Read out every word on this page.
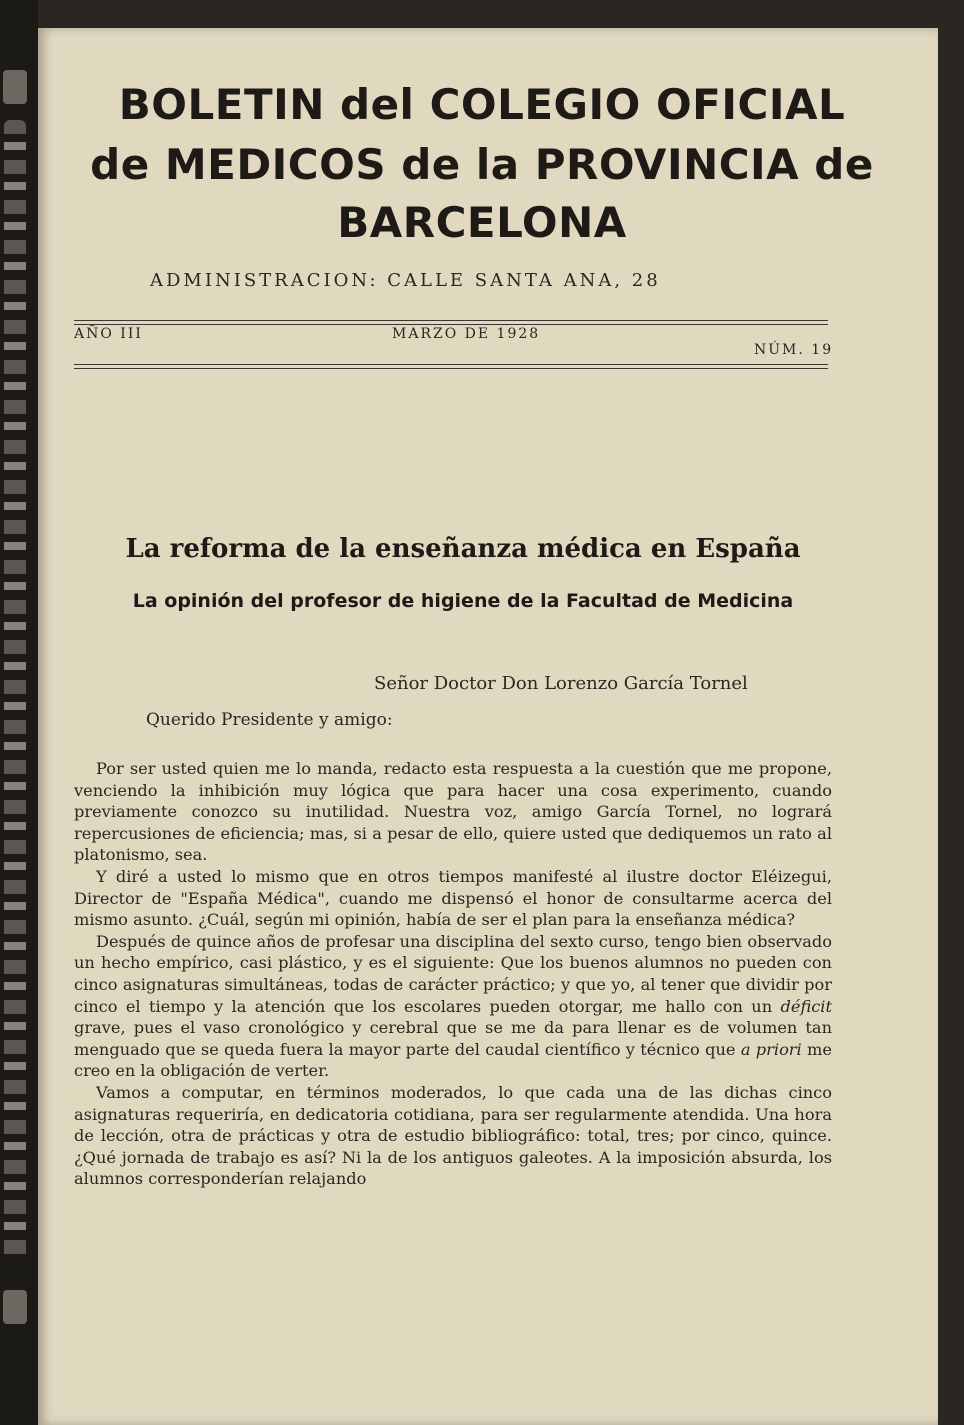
BOLETIN del COLEGIO OFICIAL
de MEDICOS de la PROVINCIA de
BARCELONA
ADMINISTRACION: CALLE SANTA ANA, 28
AÑO III	MARZO DE 1928
NÚM. 19
La reforma de la enseñanza médica en España
La opinión del profesor de higiene de la Facultad de Medicina
Señor Doctor Don Lorenzo García Tornel
Querido Presidente y amigo:

Por ser usted quien me lo manda, redacto esta respuesta a la cuestión que me propone, venciendo la inhibición muy lógica que para hacer una cosa experimento, cuando previamente conozco su inutilidad. Nuestra voz, amigo García Tornel, no logrará repercusiones de eficiencia; mas, si a pesar de ello, quiere usted que dediquemos un rato al platonismo, sea.

Y diré a usted lo mismo que en otros tiempos manifesté al ilustre doctor Eléizegui, Director de "España Médica", cuando me dispensó el honor de consultarme acerca del mismo asunto. ¿Cuál, según mi opinión, había de ser el plan para la enseñanza médica?

Después de quince años de profesar una disciplina del sexto curso, tengo bien observado un hecho empírico, casi plástico, y es el siguiente: Que los buenos alumnos no pueden con cinco asignaturas simultáneas, todas de carácter práctico; y que yo, al tener que dividir por cinco el tiempo y la atención que los escolares pueden otorgar, me hallo con un déficit grave, pues el vaso cronológico y cerebral que se me da para llenar es de volumen tan menguado que se queda fuera la mayor parte del caudal científico y técnico que a priori me creo en la obligación de verter.

Vamos a computar, en términos moderados, lo que cada una de las dichas cinco asignaturas requeriría, en dedicatoria cotidiana, para ser regularmente atendida. Una hora de lección, otra de prácticas y otra de estudio bibliográfico: total, tres; por cinco, quince. ¿Qué jornada de trabajo es así? Ni la de los antiguos galeotes. A la imposición absurda, los alumnos corresponderían relajando
